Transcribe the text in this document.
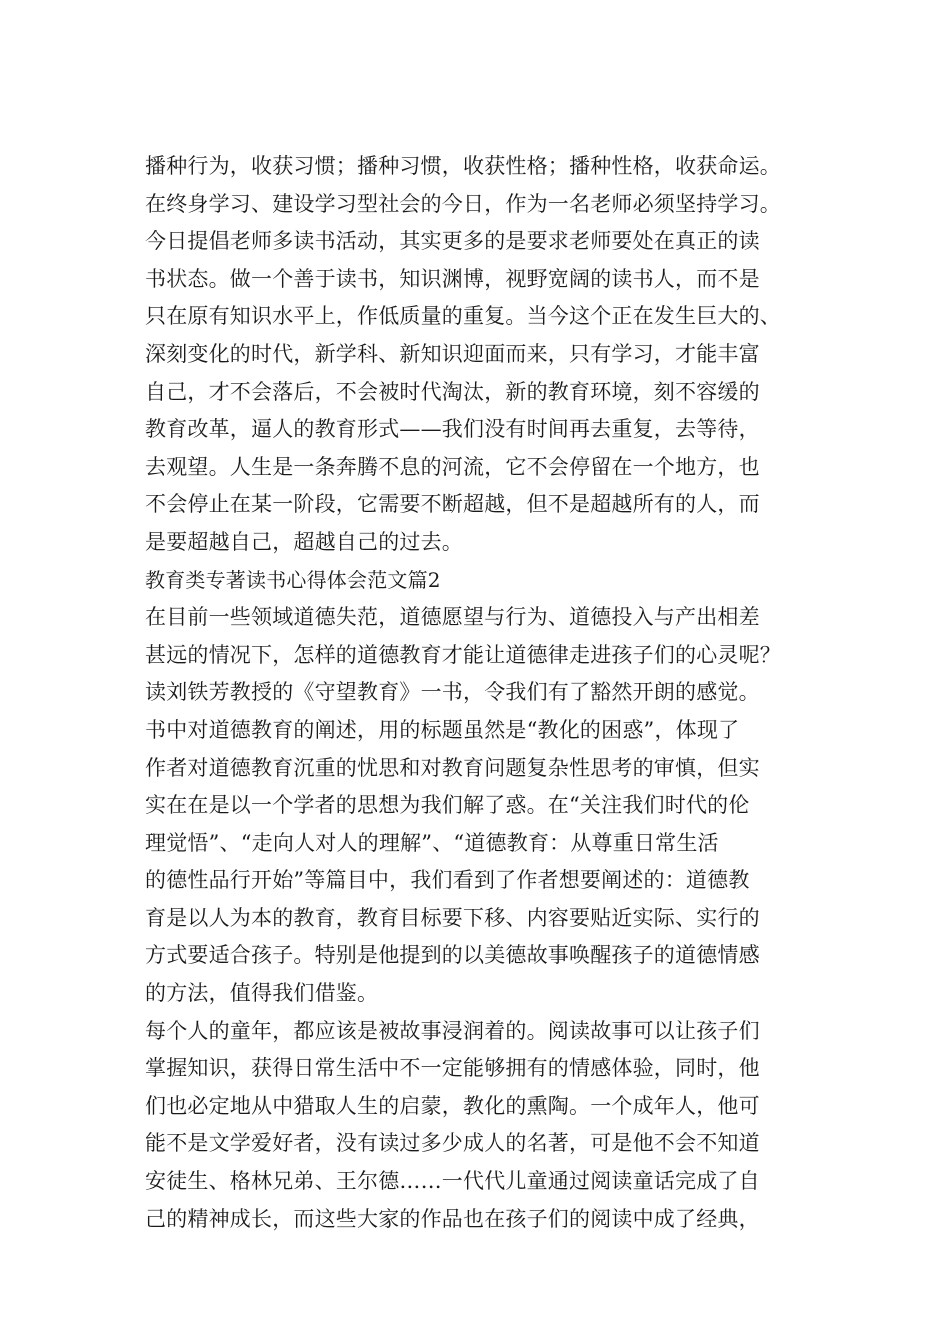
播种行为，收获习惯；播种习惯，收获性格；播种性格，收获命运。
在终身学习、建设学习型社会的今日，作为一名老师必须坚持学习。
今日提倡老师多读书活动，其实更多的是要求老师要处在真正的读
书状态。做一个善于读书，知识渊博，视野宽阔的读书人，而不是
只在原有知识水平上，作低质量的重复。当今这个正在发生巨大的、
深刻变化的时代，新学科、新知识迎面而来，只有学习，才能丰富
自己，才不会落后，不会被时代淘汰，新的教育环境，刻不容缓的
教育改革，逼人的教育形式——我们没有时间再去重复，去等待，
去观望。人生是一条奔腾不息的河流，它不会停留在一个地方，也
不会停止在某一阶段，它需要不断超越，但不是超越所有的人，而
是要超越自己，超越自己的过去。
教育类专著读书心得体会范文篇2
在目前一些领域道德失范，道德愿望与行为、道德投入与产出相差
甚远的情况下，怎样的道德教育才能让道德律走进孩子们的心灵呢？
读刘铁芳教授的《守望教育》一书，令我们有了豁然开朗的感觉。
书中对道德教育的阐述，用的标题虽然是“教化的困惑”，体现了
作者对道德教育沉重的忧思和对教育问题复杂性思考的审慎，但实
实在在是以一个学者的思想为我们解了惑。在“关注我们时代的伦
理觉悟”、“走向人对人的理解”、“道德教育：从尊重日常生活
的德性品行开始”等篇目中，我们看到了作者想要阐述的：道德教
育是以人为本的教育，教育目标要下移、内容要贴近实际、实行的
方式要适合孩子。特别是他提到的以美德故事唤醒孩子的道德情感
的方法，值得我们借鉴。
每个人的童年，都应该是被故事浸润着的。阅读故事可以让孩子们
掌握知识，获得日常生活中不一定能够拥有的情感体验，同时，他
们也必定地从中猎取人生的启蒙，教化的熏陶。一个成年人，他可
能不是文学爱好者，没有读过多少成人的名著，可是他不会不知道
安徒生、格林兄弟、王尔德……一代代儿童通过阅读童话完成了自
己的精神成长，而这些大家的作品也在孩子们的阅读中成了经典，
